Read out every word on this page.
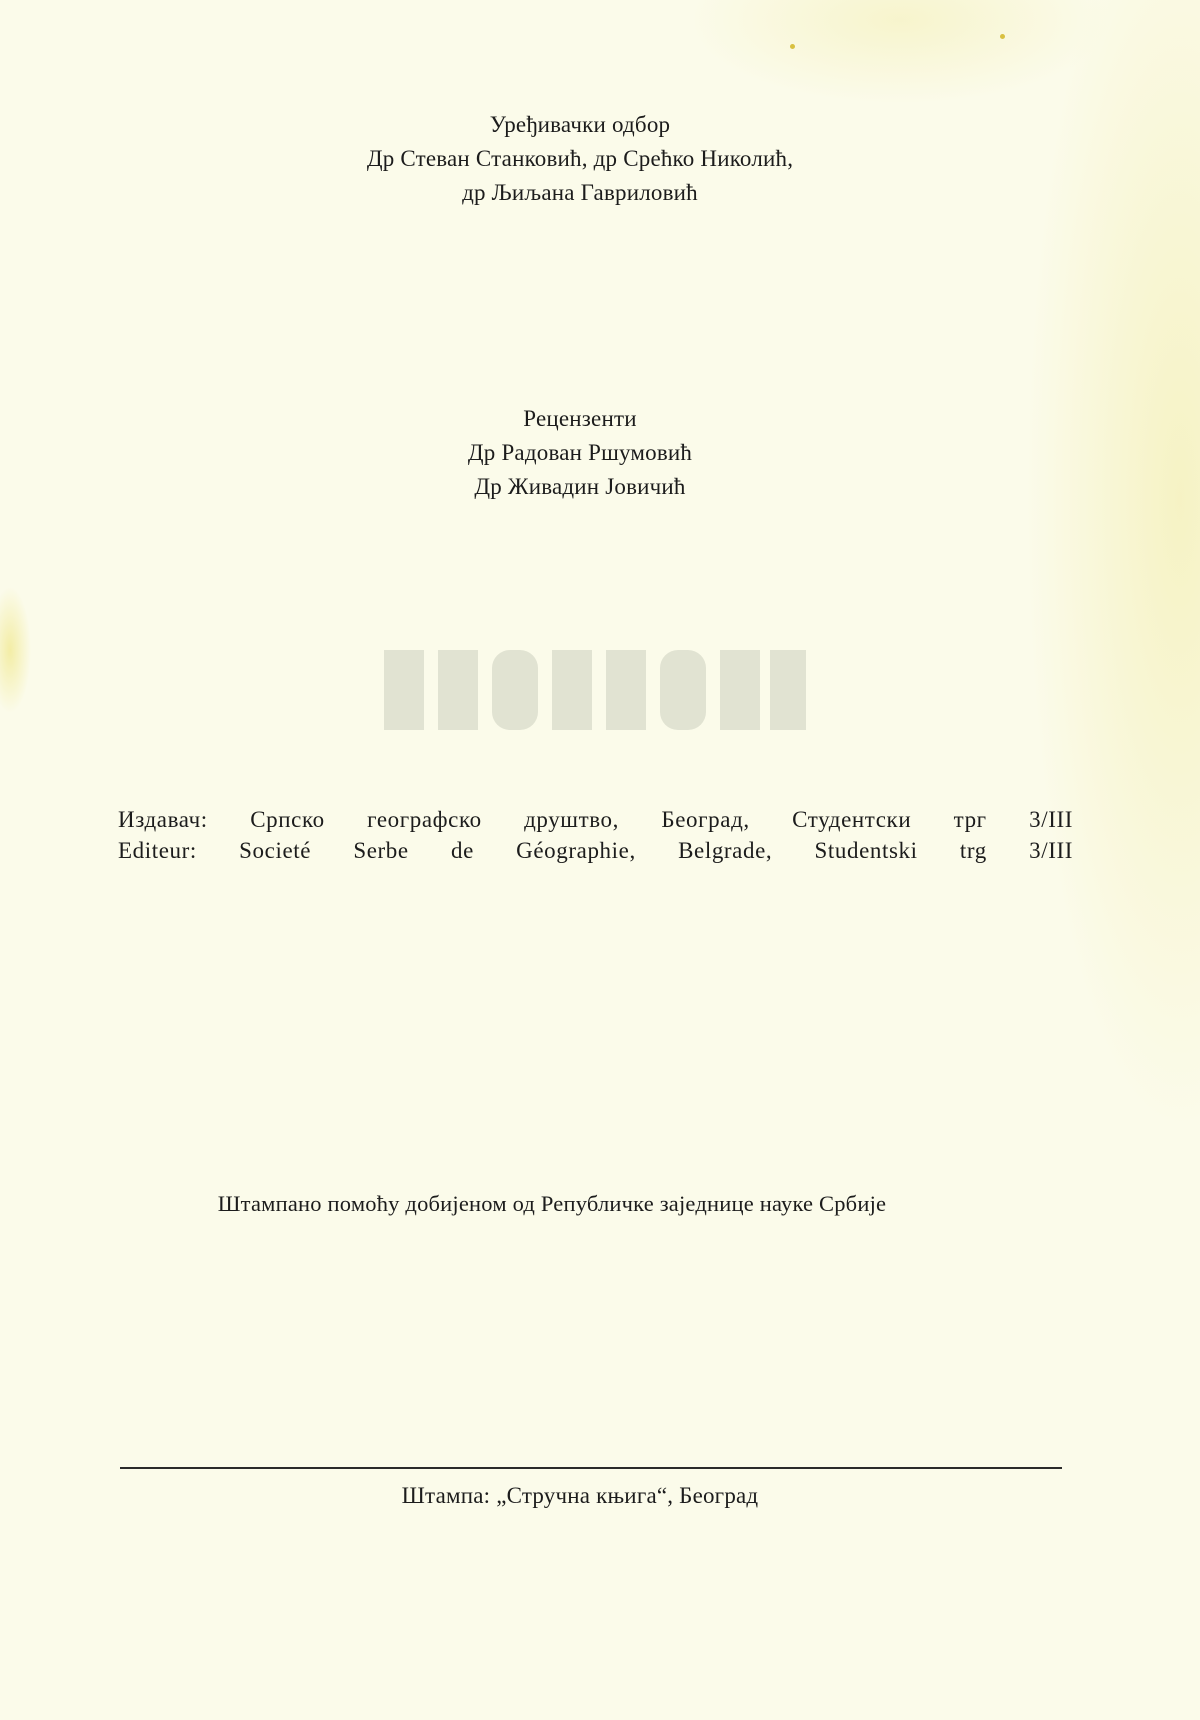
Уређивачки одбор
Др Стеван Станковић, др Срећко Николић,
др Љиљана Гавриловић
Рецензенти
Др Радован Ршумовић
Др Живадин Јовичић
Издавач: Српско географско друштво, Београд, Студентски трг 3/III
Editeur: Societé Serbe de Géographie, Belgrade, Studentski trg 3/III
Штампано помоћу добијеном од Републичке заједнице науке Србије
Штампа: „Стручна књига“, Београд
